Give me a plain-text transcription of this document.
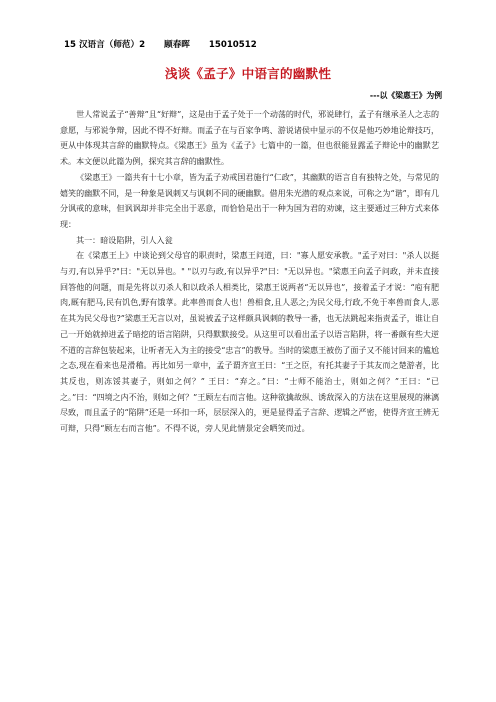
15 汉语言（师范）2 顾春晖 15010512
浅谈《孟子》中语言的幽默性
---以《梁惠王》为例

世人常说孟子“善辩”且“好辩”，这是由于孟子处于一个动荡的时代，邪说肆行，孟子有继承圣人之志的意愿，与邪说争辩，因此不得不好辩。而孟子在与百家争鸣、游说诸侯中显示的不仅是他巧妙地论辩技巧，更从中体现其言辞的幽默特点。《梁惠王》虽为《孟子》七篇中的一篇，但也很能显露孟子辩论中的幽默艺术。本文便以此篇为例，探究其言辞的幽默性。

《梁惠王》一篇共有十七小章，皆为孟子劝戒国君施行“仁政”，其幽默的语言自有独特之处，与常见的嬉笑的幽默不同，是一种象是讽刺又与讽刺不同的硬幽默。借用朱光潜的观点来说，可称之为“谐”，即有几分讽戒的意味，但讽讽却并非完全出于恶意，而恰恰是出于一种为国为君的劝谏，这主要通过三种方式来体现：

其一：暗设陷阱，引人入瓮

在《梁惠王上》中谈论到父母官的职责时，梁惠王问道，曰："寡人愿安承教。"孟子对曰："杀人以挺与刃,有以异乎?"曰："无以异也。" "以刃与政,有以异乎?"曰："无以异也。"梁惠王向孟子问政，并未直接回答他的问题，而是先将以刃杀人和以政杀人相类比，梁惠王说两者“无以异也”，接着孟子才说：“庖有肥肉,厩有肥马,民有饥色,野有饿莩。此率兽而食人也！兽相食,且人恶之;为民父母,行政,不免于率兽而食人,恶在其为民父母也?”梁惠王无言以对，虽说被孟子这样颇具讽刺的教导一番，也无法跳起来指责孟子，谁让自己一开始就掉进孟子暗挖的语言陷阱，只得默默接受。从这里可以看出孟子以语言陷阱，将一番颇有些大逆不道的言辞包装起来，让听者无入为主的接受“忠言”的教导。当时的梁惠王被伤了面子又不能讨回来的尴尬之态,现在看来也是滑稽。再比如另一章中，孟子谓齐宣王曰：“王之臣，有托其妻子于其友而之楚游者，比其反也，则冻馁其妻子，则如之何？” 王曰：“弃之。”曰：“士师不能治士，则如之何？”王曰：“已之。”曰：“四境之内不治，则如之何？”王顾左右而言他。这种欲擒故纵、诱敌深入的方法在这里展现的淋漓尽致，而且孟子的“陷阱”还是一环扣一环，层层深入的，更是显得孟子言辞、逻辑之严密，使得齐宣王辨无可辩，只得“顾左右而言他”。不得不说，旁人见此情景定会哂笑而过。
